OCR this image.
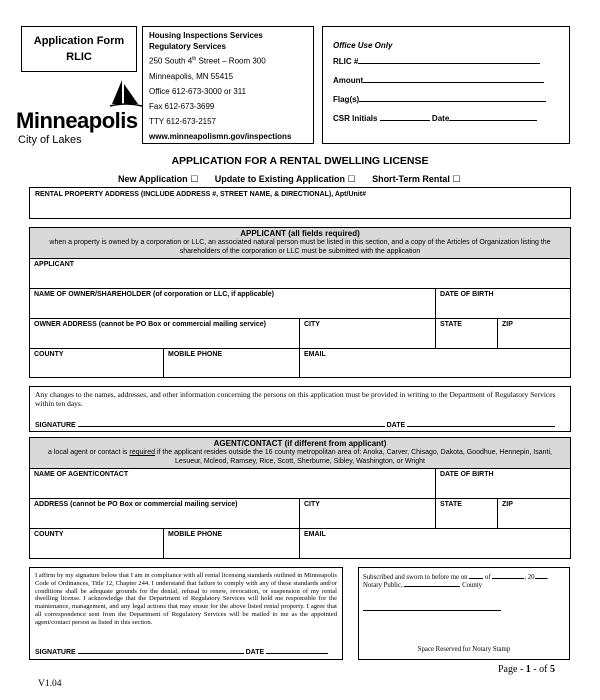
Application Form
RLIC
Minneapolis
City of Lakes
Housing Inspections Services
Regulatory Services
250 South 4th Street – Room 300
Minneapolis, MN 55415
Office 612-673-3000 or 311
Fax 612-673-3699
TTY 612-673-2157
www.minneapolismn.gov/inspections
Office Use Only
RLIC #
Amount
Flag(s)
CSR Initials	Date
APPLICATION FOR A RENTAL DWELLING LICENSE
New Application ☐ Update to Existing Application ☐ Short-Term Rental ☐
RENTAL PROPERTY ADDRESS (INCLUDE ADDRESS #, STREET NAME, & DIRECTIONAL), Apt/Unit#
APPLICANT (all fields required)
when a property is owned by a corporation or LLC, an associated natural person must be listed in this section, and a copy of the Articles of Organization listing the shareholders of the corporation or LLC must be submitted with the application
APPLICANT
NAME OF OWNER/SHAREHOLDER (of corporation or LLC, if applicable)	DATE OF BIRTH
OWNER ADDRESS (cannot be PO Box or commercial mailing service)	CITY	STATE	ZIP
COUNTY	MOBILE PHONE	EMAIL
Any changes to the names, addresses, and other information concerning the persons on this application must be provided in writing to the Department of Regulatory Services within ten days.
SIGNATURE	DATE
AGENT/CONTACT (if different from applicant)
a local agent or contact is required if the applicant resides outside the 16 county metropolitan area of: Anoka, Carver, Chisago, Dakota, Goodhue, Hennepin, Isanti, Lesueur, Mcleod, Ramsey, Rice, Scott, Sherburne, Sibley, Washington, or Wright
NAME OF AGENT/CONTACT	DATE OF BIRTH
ADDRESS (cannot be PO Box or commercial mailing service)	CITY	STATE	ZIP
COUNTY	MOBILE PHONE	EMAIL
I affirm by my signature below that I am in compliance with all rental licensing standards outlined in Minneapolis Code of Ordinances, Title 12, Chapter 244. I understand that failure to comply with any of these standards and/or conditions shall be adequate grounds for the denial, refusal to renew, revocation, or suspension of my rental dwelling license. I acknowledge that the Department of Regulatory Services will hold me responsible for the maintenance, management, and any legal actions that may ensue for the above listed rental property. I agree that all correspondence sent from the Department of Regulatory Services will be mailed to me as the appointed agent/contact person as listed in this section.
SIGNATURE	DATE
Subscribed and sworn to before me on	of	, 20 .
Notary Public,	County
Space Reserved for Notary Stamp
Page - 1 - of 5
V1.04
